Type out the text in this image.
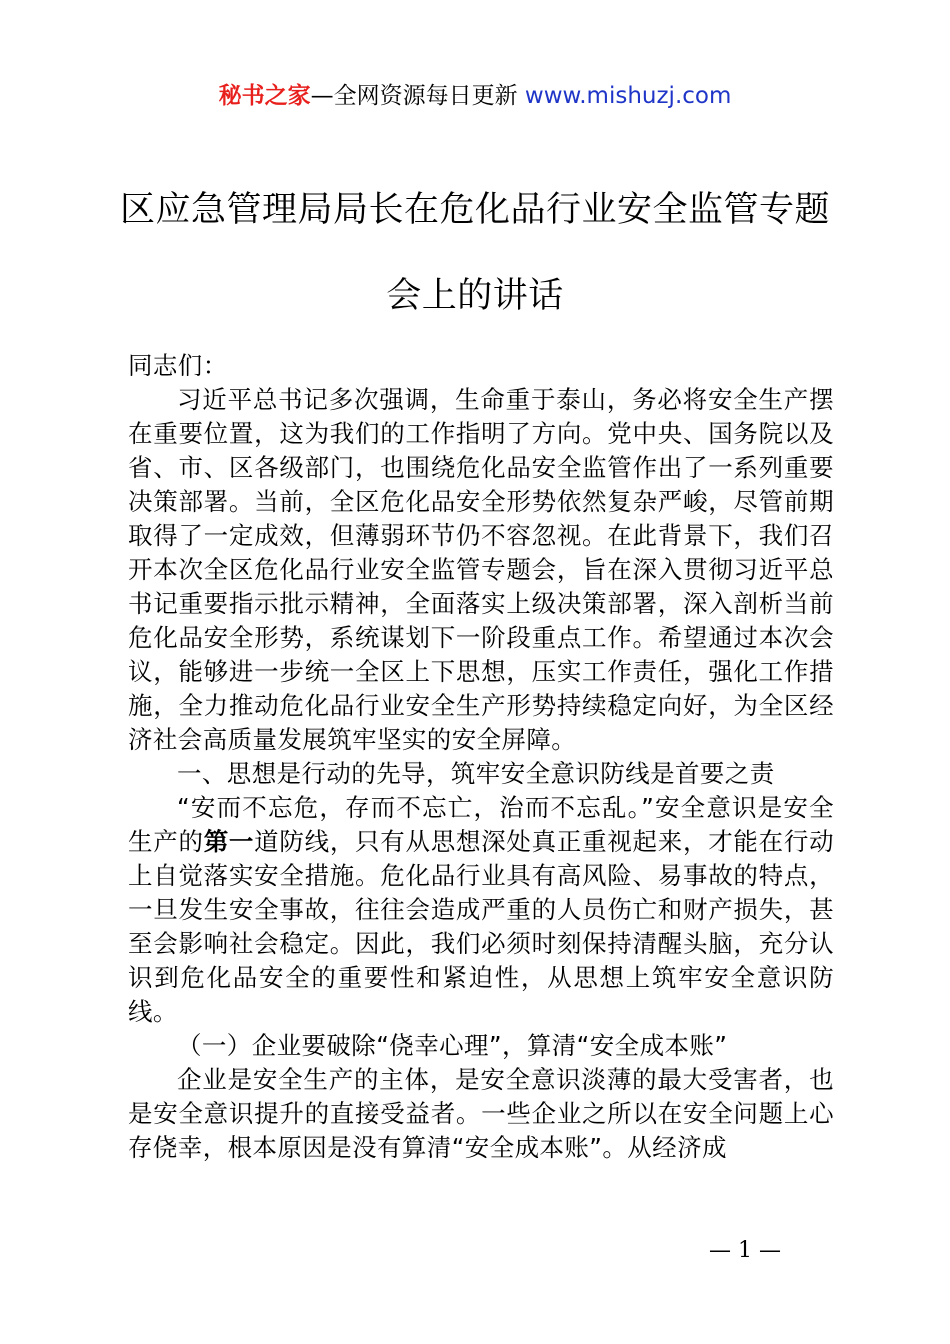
秘书之家—全网资源每日更新 www.mishuzj.com
区应急管理局局长在危化品行业安全监管专题
会上的讲话

同志们：

习近平总书记多次强调，生命重于泰山，务必将安全生产摆在重要位置，这为我们的工作指明了方向。党中央、国务院以及省、市、区各级部门，也围绕危化品安全监管作出了一系列重要决策部署。当前，全区危化品安全形势依然复杂严峻，尽管前期取得了一定成效，但薄弱环节仍不容忽视。在此背景下，我们召开本次全区危化品行业安全监管专题会，旨在深入贯彻习近平总书记重要指示批示精神，全面落实上级决策部署，深入剖析当前危化品安全形势，系统谋划下一阶段重点工作。希望通过本次会议，能够进一步统一全区上下思想，压实工作责任，强化工作措施，全力推动危化品行业安全生产形势持续稳定向好，为全区经济社会高质量发展筑牢坚实的安全屏障。

一、思想是行动的先导，筑牢安全意识防线是首要之责

“安而不忘危，存而不忘亡，治而不忘乱。”安全意识是安全生产的第一道防线，只有从思想深处真正重视起来，才能在行动上自觉落实安全措施。危化品行业具有高风险、易事故的特点，一旦发生安全事故，往往会造成严重的人员伤亡和财产损失，甚至会影响社会稳定。因此，我们必须时刻保持清醒头脑，充分认识到危化品安全的重要性和紧迫性，从思想上筑牢安全意识防线。

（一）企业要破除“侥幸心理”，算清“安全成本账”

企业是安全生产的主体，是安全意识淡薄的最大受害者，也是安全意识提升的直接受益者。一些企业之所以在安全问题上心存侥幸，根本原因是没有算清“安全成本账”。从经济成

— 1 —
